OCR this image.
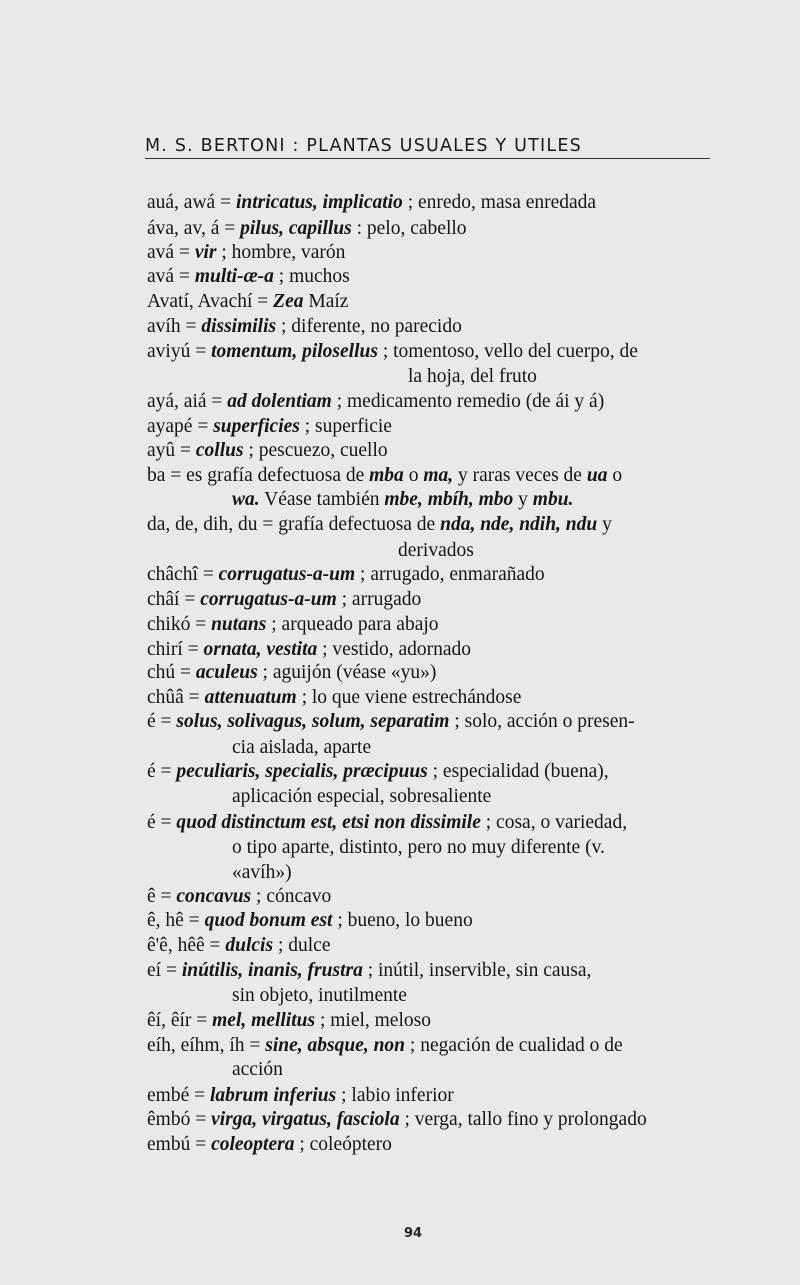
M. S. BERTONI : PLANTAS USUALES Y UTILES
auá, awá = intricatus, implicatio ; enredo, masa enredada
áva, av, á = pilus, capillus : pelo, cabello
avá = vir ; hombre, varón
avá = multi-æ-a ; muchos
Avatí, Avachí = Zea Maíz
avíh = dissimilis ; diferente, no parecido
aviyú = tomentum, pilosellus ; tomentoso, vello del cuerpo, de
la hoja, del fruto
ayá, aiá = ad dolentiam ; medicamento remedio (de ái y á)
ayapé = superficies ; superficie
ayû = collus ; pescuezo, cuello
ba = es grafía defectuosa de mba o ma, y raras veces de ua o
wa. Véase también mbe, mbíh, mbo y mbu.
da, de, dih, du = grafía defectuosa de nda, nde, ndih, ndu y
derivados
châchî = corrugatus-a-um ; arrugado, enmarañado
châí = corrugatus-a-um ; arrugado
chikó = nutans ; arqueado para abajo
chirí = ornata, vestita ; vestido, adornado
chú = aculeus ; aguijón (véase «yu»)
chûâ = attenuatum ; lo que viene estrechándose
é = solus, solivagus, solum, separatim ; solo, acción o presen-
cia aislada, aparte
é = peculiaris, specialis, præcipuus ; especialidad (buena),
aplicación especial, sobresaliente
é = quod distinctum est, etsi non dissimile ; cosa, o variedad,
o tipo aparte, distinto, pero no muy diferente (v.
«avíh»)
ê = concavus ; cóncavo
ê, hê = quod bonum est ; bueno, lo bueno
ê'ê, hêê = dulcis ; dulce
eí = inútilis, inanis, frustra ; inútil, inservible, sin causa,
sin objeto, inutilmente
êí, êír = mel, mellitus ; miel, meloso
eíh, eíhm, íh = sine, absque, non ; negación de cualidad o de
acción
embé = labrum inferius ; labio inferior
êmbó = virga, virgatus, fasciola ; verga, tallo fino y prolongado
embú = coleoptera ; coleóptero
94
